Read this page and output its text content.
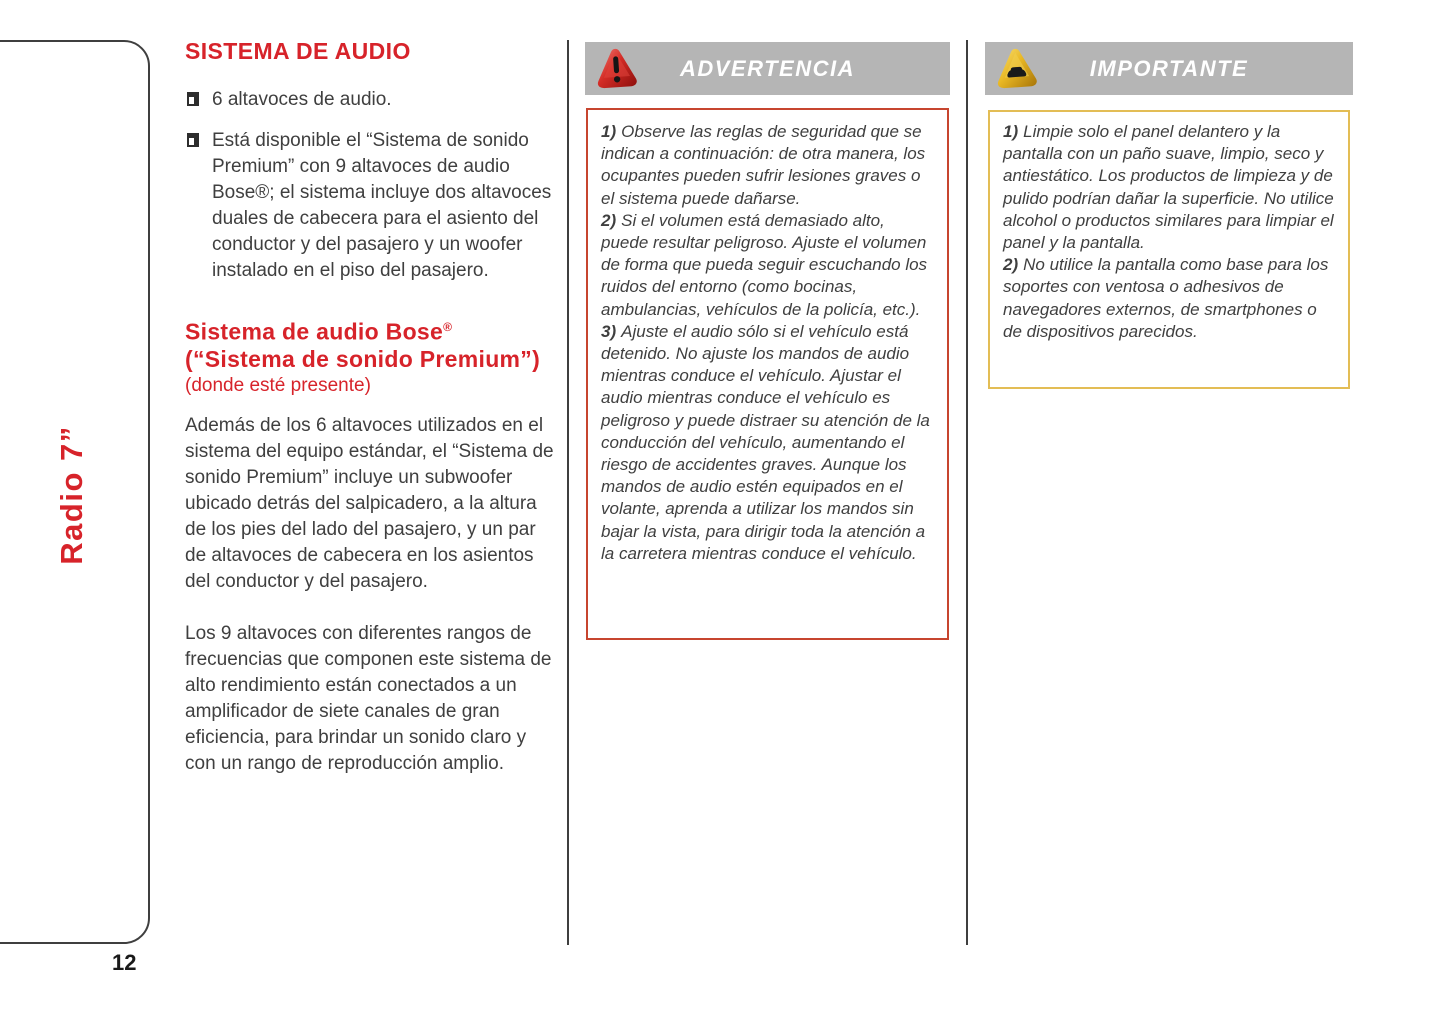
Radio 7”
12
SISTEMA DE AUDIO
6 altavoces de audio.
Está disponible el “Sistema de sonido Premium” con 9 altavoces de audio Bose®; el sistema incluye dos altavoces duales de cabecera para el asiento del conductor y del pasajero y un woofer instalado en el piso del pasajero.
Sistema de audio Bose® (“Sistema de sonido Premium”)
(donde esté presente)

Además de los 6 altavoces utilizados en el sistema del equipo estándar, el “Sistema de sonido Premium” incluye un subwoofer ubicado detrás del salpicadero, a la altura de los pies del lado del pasajero, y un par de altavoces de cabecera en los asientos del conductor y del pasajero.

Los 9 altavoces con diferentes rangos de frecuencias que componen este sistema de alto rendimiento están conectados a un amplificador de siete canales de gran eficiencia, para brindar un sonido claro y con un rango de reproducción amplio.

ADVERTENCIA
1) Observe las reglas de seguridad que se indican a continuación: de otra manera, los ocupantes pueden sufrir lesiones graves o el sistema puede dañarse.
2) Si el volumen está demasiado alto, puede resultar peligroso. Ajuste el volumen de forma que pueda seguir escuchando los ruidos del entorno (como bocinas, ambulancias, vehículos de la policía, etc.).
3) Ajuste el audio sólo si el vehículo está detenido. No ajuste los mandos de audio mientras conduce el vehículo. Ajustar el audio mientras conduce el vehículo es peligroso y puede distraer su atención de la conducción del vehículo, aumentando el riesgo de accidentes graves. Aunque los mandos de audio estén equipados en el volante, aprenda a utilizar los mandos sin bajar la vista, para dirigir toda la atención a la carretera mientras conduce el vehículo.
IMPORTANTE
1) Limpie solo el panel delantero y la pantalla con un paño suave, limpio, seco y antiestático. Los productos de limpieza y de pulido podrían dañar la superficie. No utilice alcohol o productos similares para limpiar el panel y la pantalla.
2) No utilice la pantalla como base para los soportes con ventosa o adhesivos de navegadores externos, de smartphones o de dispositivos parecidos.
